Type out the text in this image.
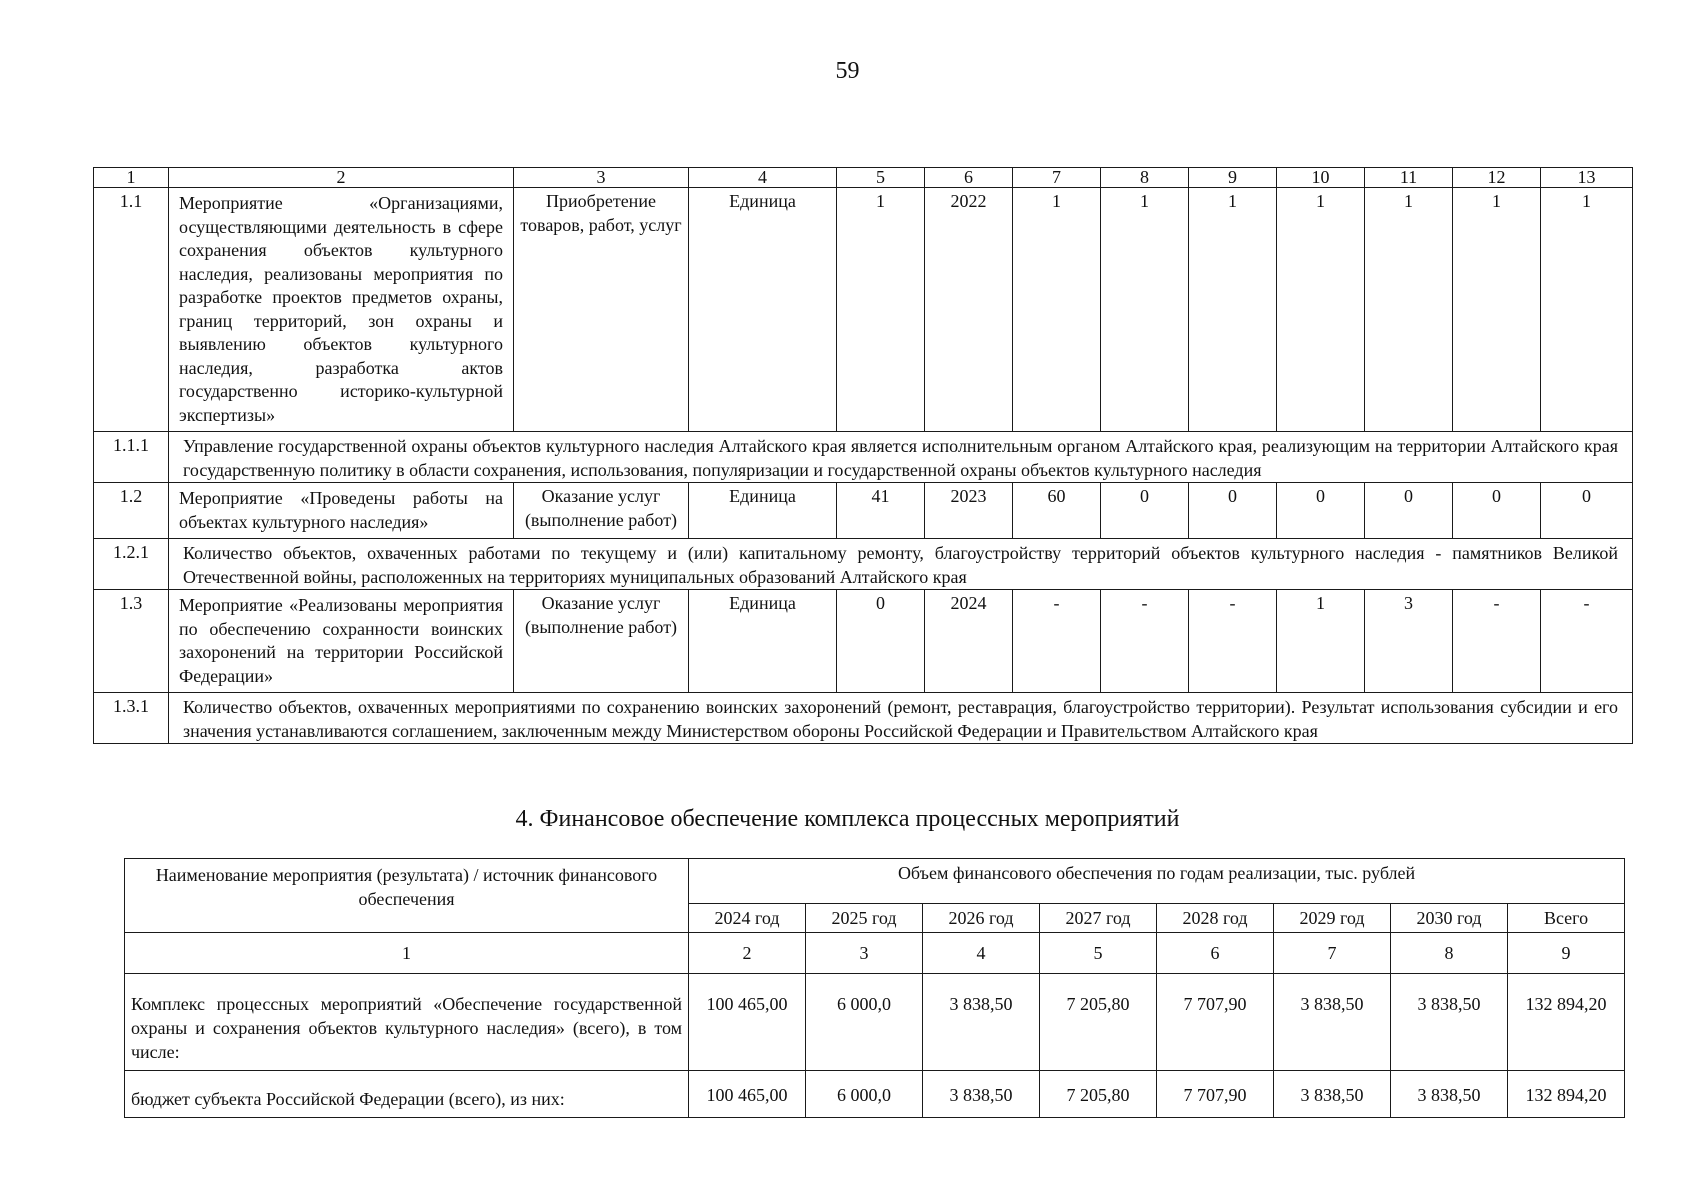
59
1	2	3	4	5	6	7	8	9	10	11	12	13
1.1	Мероприятие «Организациями, осуществляющими деятельность в сфере сохранения объектов культурного наследия, реализованы мероприятия по разработке проектов предметов охраны, границ территорий, зон охраны и выявлению объектов культурного наследия, разработка актов государственно историко-культурной экспертизы»	Приобретение товаров, работ, услуг	Единица	1	2022	1	1	1	1	1	1	1
1.1.1	Управление государственной охраны объектов культурного наследия Алтайского края является исполнительным органом Алтайского края, реализующим на территории Алтайского края государственную политику в области сохранения, использования, популяризации и государственной охраны объектов культурного наследия											
1.2	Мероприятие «Проведены работы на объектах культурного наследия»	Оказание услуг (выполнение работ)	Единица	41	2023	60	0	0	0	0	0	0
1.2.1	Количество объектов, охваченных работами по текущему и (или) капитальному ремонту, благоустройству территорий объектов культурного наследия - памятников Великой Отечественной войны, расположенных на территориях муниципальных образований Алтайского края											
1.3	Мероприятие «Реализованы мероприятия по обеспечению сохранности воинских захоронений на территории Российской Федерации»	Оказание услуг (выполнение работ)	Единица	0	2024	-	-	-	1	3	-	-
1.3.1	Количество объектов, охваченных мероприятиями по сохранению воинских захоронений (ремонт, реставрация, благоустройство территории). Результат использования субсидии и его значения устанавливаются соглашением, заключенным между Министерством обороны Российской Федерации и Правительством Алтайского края											
4. Финансовое обеспечение комплекса процессных мероприятий
Наименование мероприятия (результата) / источник финансового обеспечения	Объем финансового обеспечения по годам реализации, тыс. рублей							
	2024 год	2025 год	2026 год	2027 год	2028 год	2029 год	2030 год	Всего
1	2	3	4	5	6	7	8	9
Комплекс процессных мероприятий «Обеспечение государственной охраны и сохранения объектов культурного наследия» (всего), в том числе:	100 465,00	6 000,0	3 838,50	7 205,80	7 707,90	3 838,50	3 838,50	132 894,20
бюджет субъекта Российской Федерации (всего), из них:	100 465,00	6 000,0	3 838,50	7 205,80	7 707,90	3 838,50	3 838,50	132 894,20
